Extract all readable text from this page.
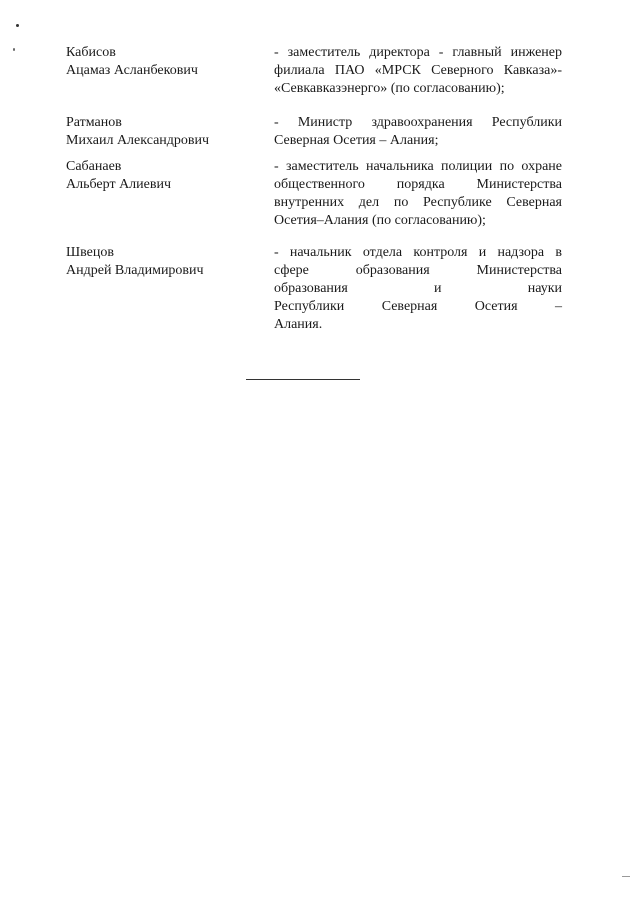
Кабисов
Ацамаз Асланбекович
- заместитель директора - главный инженер
филиала ПАО «МРСК Северного Кавказа»-
«Севкавказэнерго» (по согласованию);
Ратманов
Михаил Александрович
- Министр здравоохранения Республики
Северная Осетия – Алания;
Сабанаев
Альберт Алиевич
- заместитель начальника полиции по охране
общественного порядка Министерства
внутренних дел по Республике Северная
Осетия–Алания (по согласованию);
Швецов
Андрей Владимирович
- начальник отдела контроля и надзора в
сфере образования Министерства
образования и науки
Республики Северная Осетия –
Алания.
